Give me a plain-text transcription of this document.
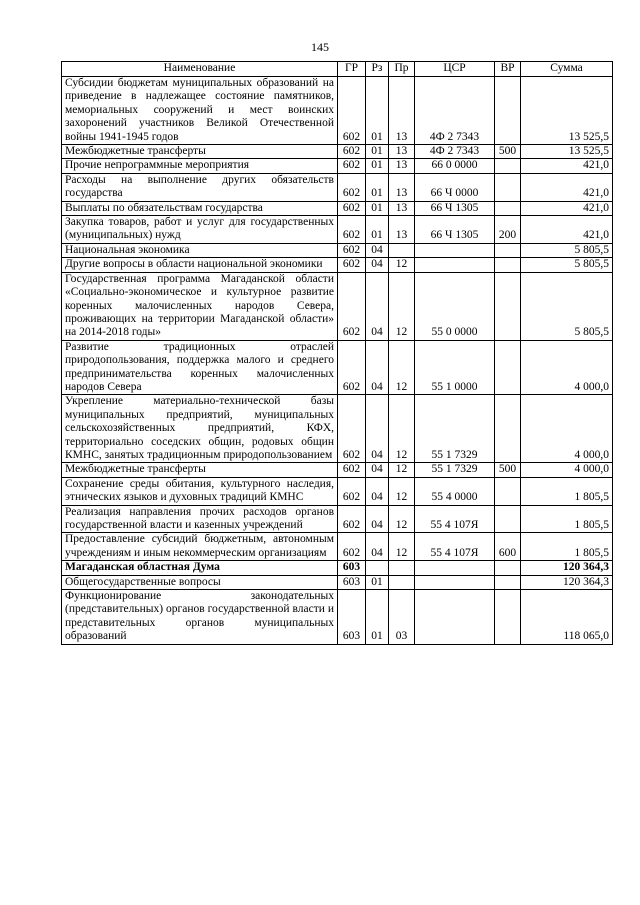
145
Наименование	ГР	Рз	Пр	ЦСР	ВР	Сумма
Субсидии бюджетам муниципальных образований на приведение в надлежащее состояние памятников, мемориальных сооружений и мест воинских захоронений участников Великой Отечественной войны 1941-1945 годов	602	01	13	4Ф 2 7343		13 525,5
Межбюджетные трансферты	602	01	13	4Ф 2 7343	500	13 525,5
Прочие непрограммные мероприятия	602	01	13	66 0 0000		421,0
Расходы на выполнение других обязательств государства	602	01	13	66 Ч 0000		421,0
Выплаты по обязательствам государства	602	01	13	66 Ч 1305		421,0
Закупка товаров, работ и услуг для государственных (муниципальных) нужд	602	01	13	66 Ч 1305	200	421,0
Национальная экономика	602	04				5 805,5
Другие вопросы в области национальной экономики	602	04	12			5 805,5
Государственная программа Магаданской области «Социально-экономическое и культурное развитие коренных малочисленных народов Севера, проживающих на территории Магаданской области» на 2014-2018 годы»	602	04	12	55 0 0000		5 805,5
Развитие традиционных отраслей природопользования, поддержка малого и среднего предпринимательства коренных малочисленных народов Севера	602	04	12	55 1 0000		4 000,0
Укрепление материально-технической базы муниципальных предприятий, муниципальных сельскохозяйственных предприятий, КФХ, территориально соседских общин, родовых общин КМНС, занятых традиционным природопользованием	602	04	12	55 1 7329		4 000,0
Межбюджетные трансферты	602	04	12	55 1 7329	500	4 000,0
Сохранение среды обитания, культурного наследия, этнических языков и духовных традиций КМНС	602	04	12	55 4 0000		1 805,5
Реализация направления прочих расходов органов государственной власти и казенных учреждений	602	04	12	55 4 107Я		1 805,5
Предоставление субсидий бюджетным, автономным учреждениям и иным некоммерческим организациям	602	04	12	55 4 107Я	600	1 805,5
Магаданская областная Дума	603					120 364,3
Общегосударственные вопросы	603	01				120 364,3
Функционирование законодательных (представительных) органов государственной власти и представительных органов муниципальных образований	603	01	03			118 065,0
